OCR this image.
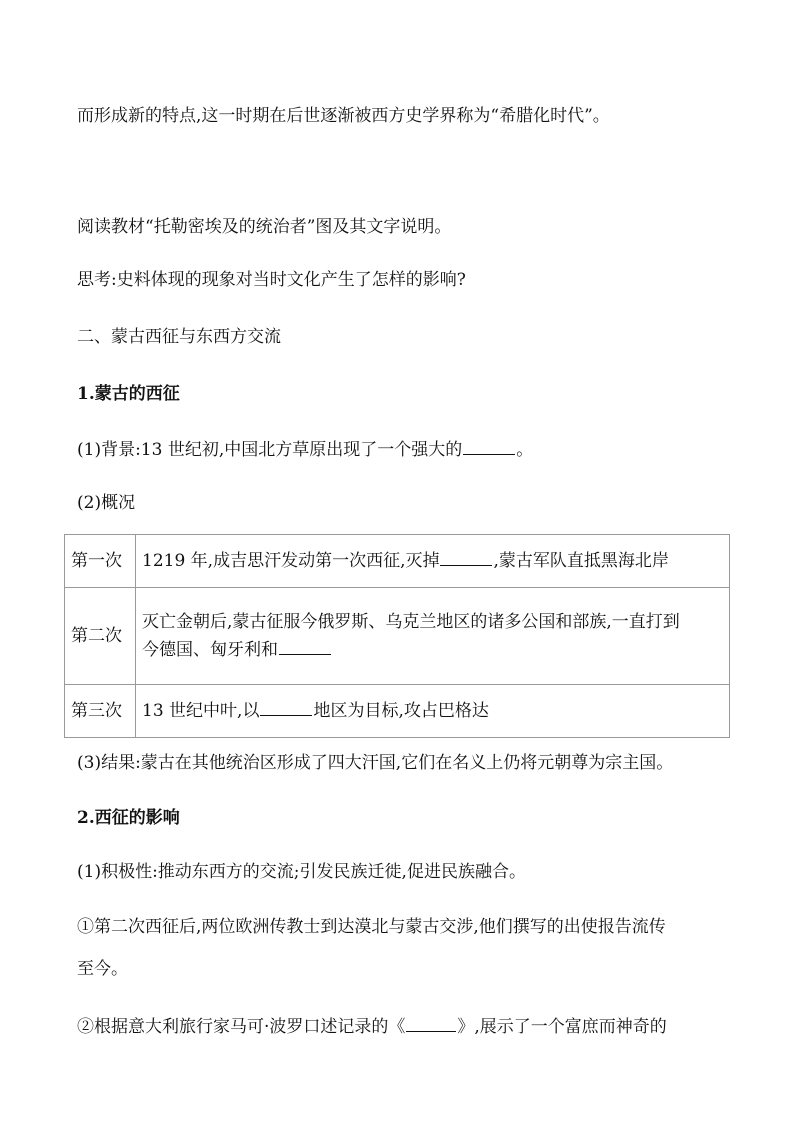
而形成新的特点,这一时期在后世逐渐被西方史学界称为“希腊化时代”。
阅读教材“托勒密埃及的统治者”图及其文字说明。
思考:史料体现的现象对当时文化产生了怎样的影响?
二、蒙古西征与东西方交流
1.蒙古的西征
(1)背景:13 世纪初,中国北方草原出现了一个强大的	。
(2)概况
第一次	1219 年,成吉思汗发动第一次西征,灭掉 ,蒙古军队直抵黑海北岸
第二次	灭亡金朝后,蒙古征服今俄罗斯、乌克兰地区的诸多公国和部族,一直打到
今德国、匈牙利和

第三次	13 世纪中叶,以 地区为目标,攻占巴格达
(3)结果:蒙古在其他统治区形成了四大汗国,它们在名义上仍将元朝尊为宗主国。
2.西征的影响
(1)积极性:推动东西方的交流;引发民族迁徙,促进民族融合。
①第二次西征后,两位欧洲传教士到达漠北与蒙古交涉,他们撰写的出使报告流传
至今。
②根据意大利旅行家马可·波罗口述记录的《	》,展示了一个富庶而神奇的
